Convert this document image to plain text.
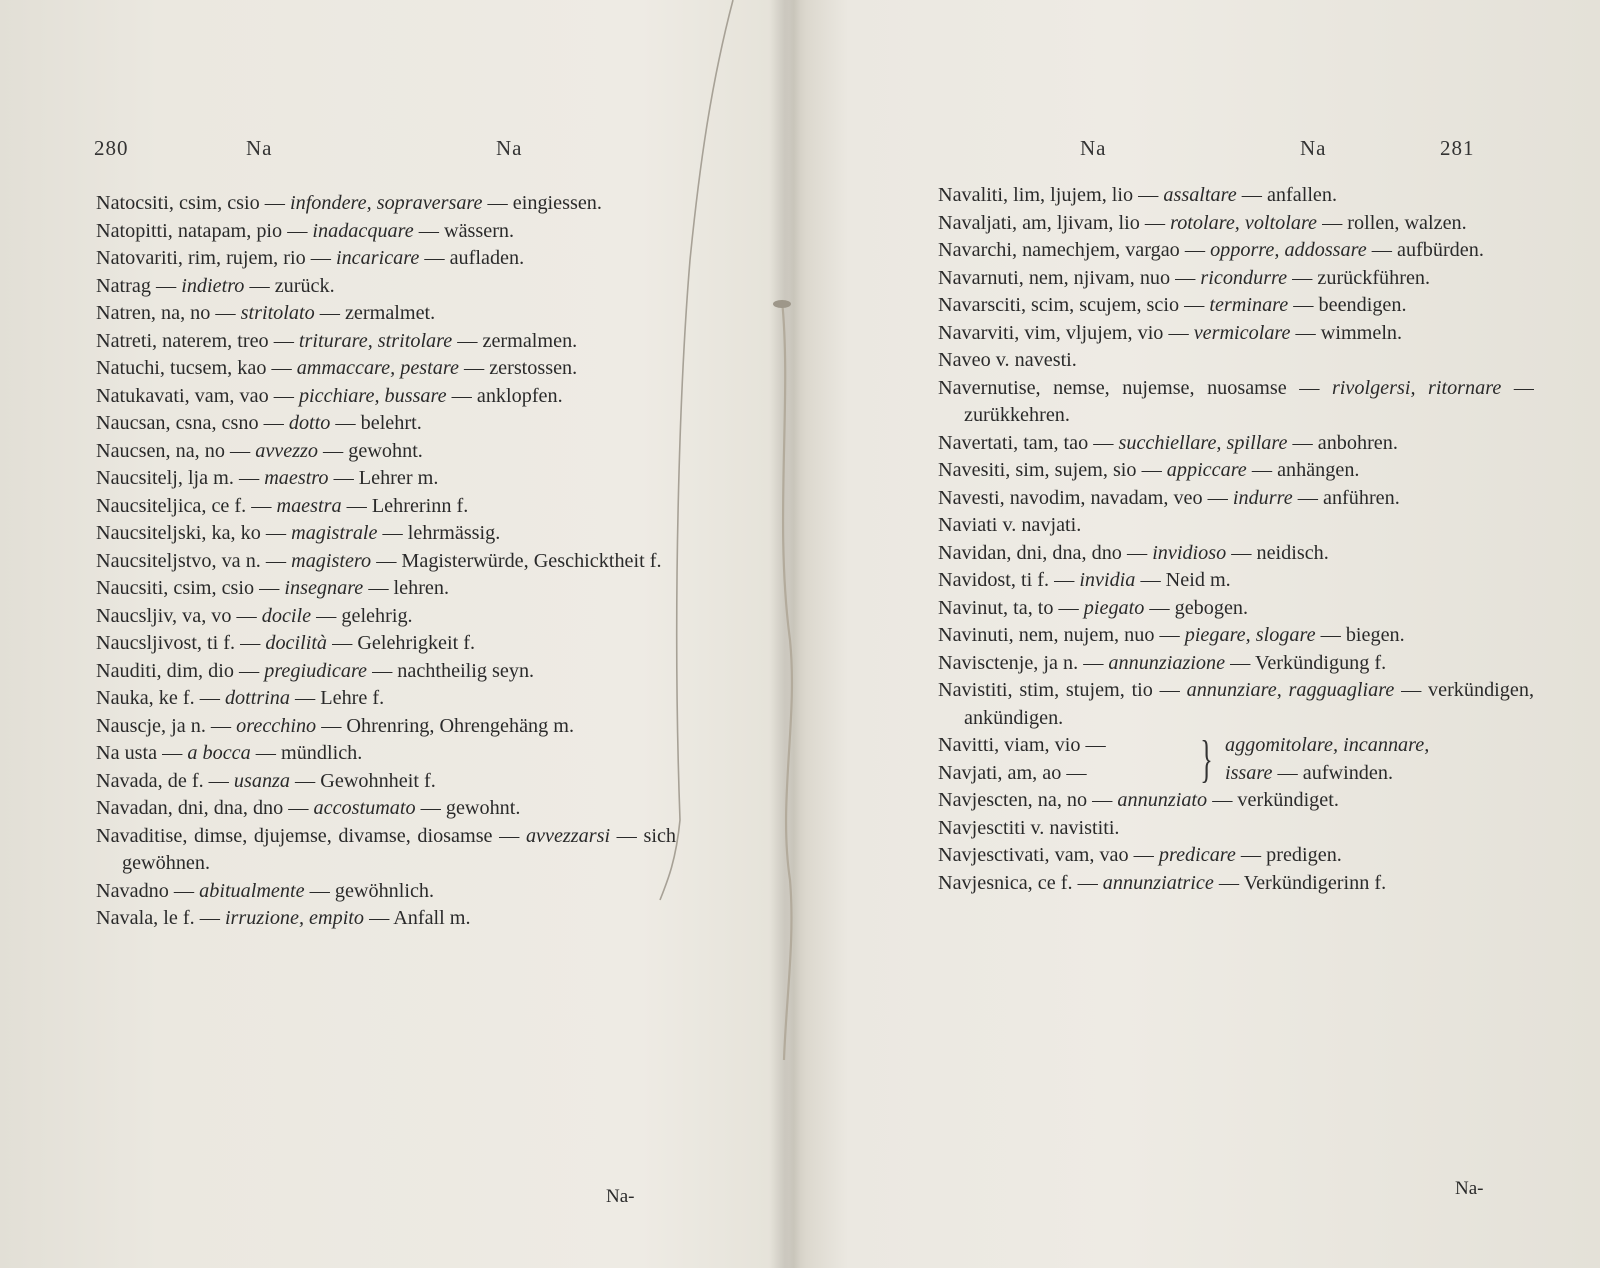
280	Na	Na
Natocsiti, csim, csio — infondere, sopraversare — eingiessen.
Natopitti, natapam, pio — inadacquare — wässern.
Natovariti, rim, rujem, rio — incaricare — aufladen.
Natrag — indietro — zurück.
Natren, na, no — stritolato — zermalmet.
Natreti, naterem, treo — triturare, stritolare — zermalmen.
Natuchi, tucsem, kao — ammaccare, pestare — zerstossen.
Natukavati, vam, vao — picchiare, bussare — anklopfen.
Naucsan, csna, csno — dotto — belehrt.
Naucsen, na, no — avvezzo — gewohnt.
Naucsitelj, lja m. — maestro — Lehrer m.
Naucsiteljica, ce f. — maestra — Lehrerinn f.
Naucsiteljski, ka, ko — magistrale — lehrmässig.
Naucsiteljstvo, va n. — magistero — Magisterwürde, Geschicktheit f.
Naucsiti, csim, csio — insegnare — lehren.
Naucsljiv, va, vo — docile — gelehrig.
Naucsljivost, ti f. — docilità — Gelehrigkeit f.
Nauditi, dim, dio — pregiudicare — nachtheilig seyn.
Nauka, ke f. — dottrina — Lehre f.
Nauscje, ja n. — orecchino — Ohrenring, Ohrengehäng m.
Na usta — a bocca — mündlich.
Navada, de f. — usanza — Gewohnheit f.
Navadan, dni, dna, dno — accostumato — gewohnt.
Navaditise, dimse, djujemse, divamse, diosamse — avvezzarsi — sich gewöhnen.
Navadno — abitualmente — gewöhnlich.
Navala, le f. — irruzione, empito — Anfall m.
Na-
Na	Na	281
Navaliti, lim, ljujem, lio — assaltare — anfallen.
Navaljati, am, ljivam, lio — rotolare, voltolare — rollen, walzen.
Navarchi, namechjem, vargao — opporre, addossare — aufbürden.
Navarnuti, nem, njivam, nuo — ricondurre — zurückführen.
Navarsciti, scim, scujem, scio — terminare — beendigen.
Navarviti, vim, vljujem, vio — vermicolare — wimmeln.
Naveo v. navesti.
Navernutise, nemse, nujemse, nuosamse — rivolgersi, ritornare — zurükkehren.
Navertati, tam, tao — succhiellare, spillare — anbohren.
Navesiti, sim, sujem, sio — appiccare — anhängen.
Navesti, navodim, navadam, veo — indurre — anführen.
Naviati v. navjati.
Navidan, dni, dna, dno — invidioso — neidisch.
Navidost, ti f. — invidia — Neid m.
Navinut, ta, to — piegato — gebogen.
Navinuti, nem, nujem, nuo — piegare, slogare — biegen.
Navisctenje, ja n. — annunziazione — Verkündigung f.
Navistiti, stim, stujem, tio — annunziare, ragguagliare — verkündigen, ankündigen.
Navitti, viam, vio —
Navjati, am, ao —	} aggomitolare, incannare,
issare — aufwinden.
Navjescten, na, no — annunziato — verkündiget.
Navjesctiti v. navistiti.
Navjesctivati, vam, vao — predicare — predigen.
Navjesnica, ce f. — annunziatrice — Verkündigerinn f.
Na-
